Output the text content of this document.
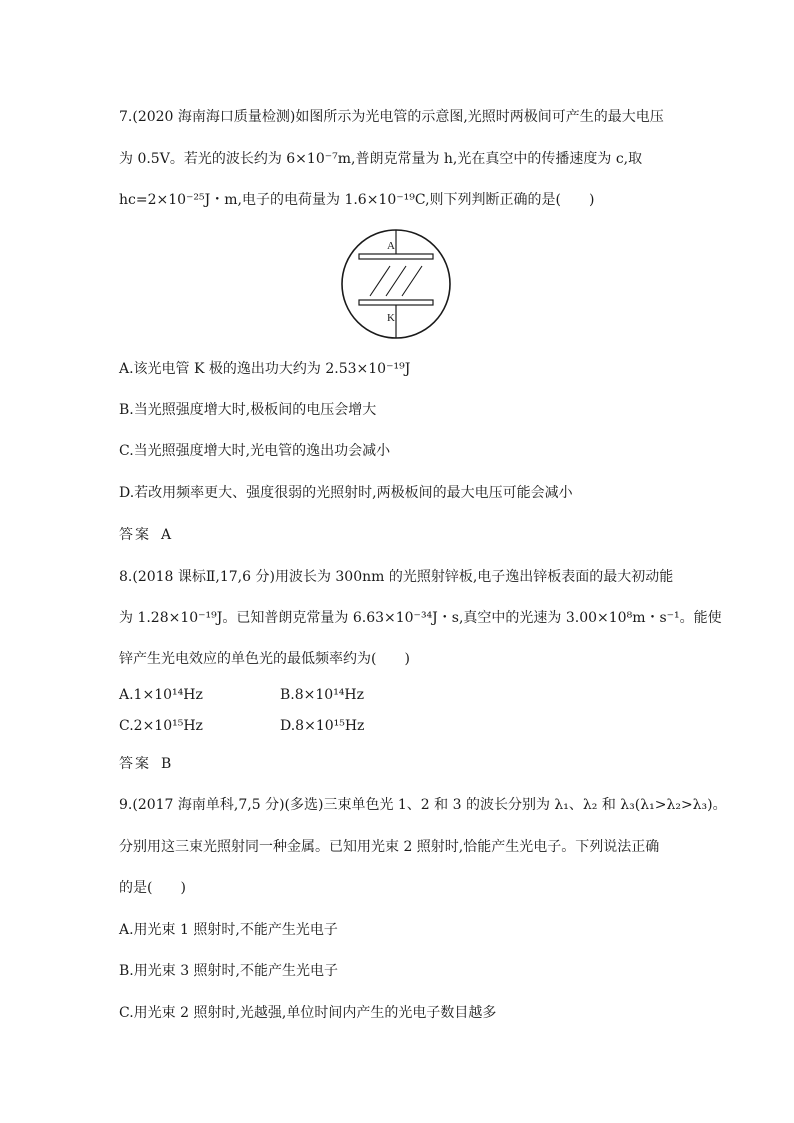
7.(2020 海南海口质量检测)如图所示为光电管的示意图,光照时两极间可产生的最大电压
为 0.5V。若光的波长约为 6×10⁻⁷m,普朗克常量为 h,光在真空中的传播速度为 c,取
hc=2×10⁻²⁵J・m,电子的电荷量为 1.6×10⁻¹⁹C,则下列判断正确的是(　　)
A
K
A.该光电管 K 极的逸出功大约为 2.53×10⁻¹⁹J
B.当光照强度增大时,极板间的电压会增大
C.当光照强度增大时,光电管的逸出功会减小
D.若改用频率更大、强度很弱的光照射时,两极板间的最大电压可能会减小
答案 A
8.(2018 课标Ⅱ,17,6 分)用波长为 300nm 的光照射锌板,电子逸出锌板表面的最大初动能
为 1.28×10⁻¹⁹J。已知普朗克常量为 6.63×10⁻³⁴J・s,真空中的光速为 3.00×10⁸m・s⁻¹。能使
锌产生光电效应的单色光的最低频率约为(　　)
A.1×10¹⁴Hz	B.8×10¹⁴Hz
C.2×10¹⁵Hz	D.8×10¹⁵Hz
答案 B
9.(2017 海南单科,7,5 分)(多选)三束单色光 1、2 和 3 的波长分别为 λ₁、λ₂ 和 λ₃(λ₁>λ₂>λ₃)。
分别用这三束光照射同一种金属。已知用光束 2 照射时,恰能产生光电子。下列说法正确
的是(　　)
A.用光束 1 照射时,不能产生光电子
B.用光束 3 照射时,不能产生光电子
C.用光束 2 照射时,光越强,单位时间内产生的光电子数目越多
